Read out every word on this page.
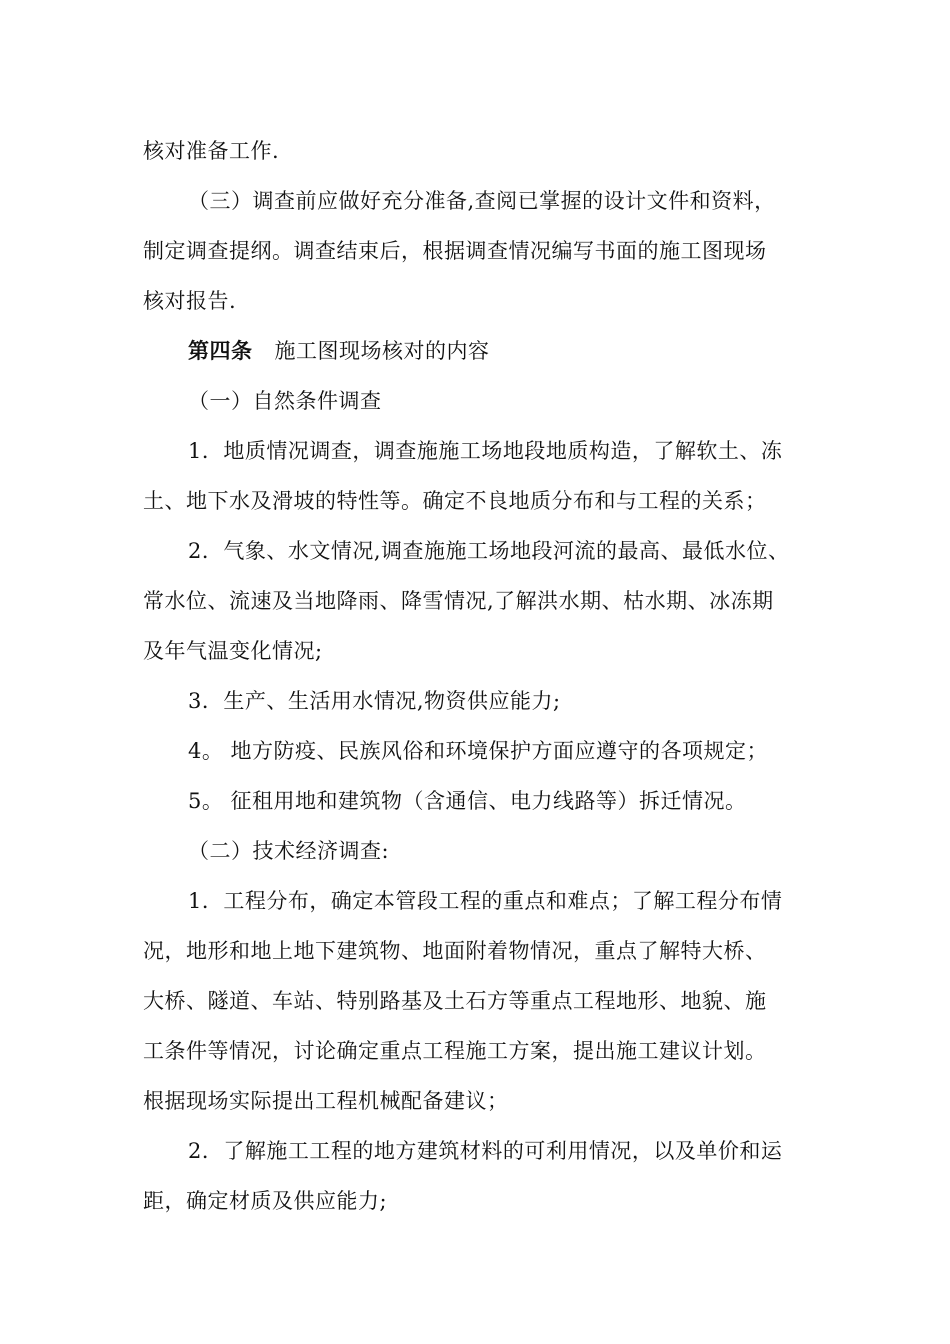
核对准备工作.
（三）调查前应做好充分准备,查阅已掌握的设计文件和资料，
制定调查提纲。调查结束后，根据调查情况编写书面的施工图现场
核对报告.
第四条 施工图现场核对的内容
（一）自然条件调查
1．地质情况调查，调查施施工场地段地质构造，了解软土、冻
土、地下水及滑坡的特性等。确定不良地质分布和与工程的关系；
2．气象、水文情况,调查施施工场地段河流的最高、最低水位、
常水位、流速及当地降雨、降雪情况,了解洪水期、枯水期、冰冻期
及年气温变化情况;
3．生产、生活用水情况,物资供应能力;
4。 地方防疫、民族风俗和环境保护方面应遵守的各项规定；
5。 征租用地和建筑物（含通信、电力线路等）拆迁情况。
（二）技术经济调查:
1．工程分布，确定本管段工程的重点和难点；了解工程分布情
况，地形和地上地下建筑物、地面附着物情况，重点了解特大桥、
大桥、隧道、车站、特别路基及土石方等重点工程地形、地貌、施
工条件等情况，讨论确定重点工程施工方案，提出施工建议计划。
根据现场实际提出工程机械配备建议；
2．了解施工工程的地方建筑材料的可利用情况，以及单价和运
距，确定材质及供应能力;
